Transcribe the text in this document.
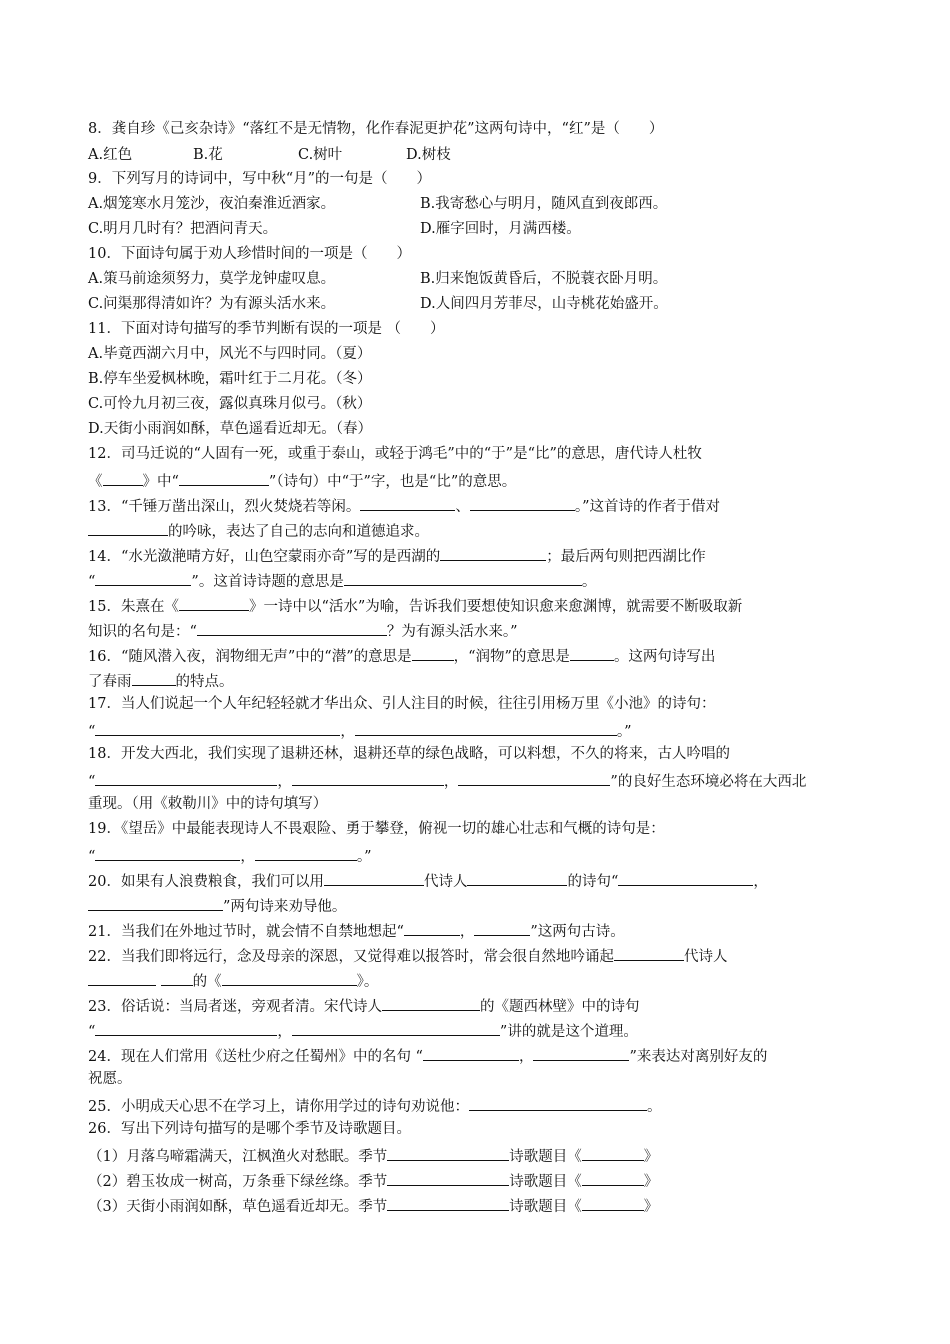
8．龚自珍《己亥杂诗》“落红不是无情物，化作春泥更护花”这两句诗中，“红”是（　　）
A.红色	B.花	C.树叶	D.树枝
9．下列写月的诗词中，写中秋“月”的一句是（　　）
A.烟笼寒水月笼沙，夜泊秦淮近酒家。	B.我寄愁心与明月，随风直到夜郎西。
C.明月几时有？把酒问青天。	D.雁字回时，月满西楼。
10．下面诗句属于劝人珍惜时间的一项是（　　）
A.策马前途须努力，莫学龙钟虚叹息。	B.归来饱饭黄昏后，不脱蓑衣卧月明。
C.问渠那得清如许？为有源头活水来。	D.人间四月芳菲尽，山寺桃花始盛开。
11．下面对诗句描写的季节判断有误的一项是 （　　）
A.毕竟西湖六月中，风光不与四时同。（夏）
B.停车坐爱枫林晚，霜叶红于二月花。（冬）
C.可怜九月初三夜，露似真珠月似弓。（秋）
D.天街小雨润如酥，草色遥看近却无。（春）
12．司马迁说的“人固有一死，或重于泰山，或轻于鸿毛”中的“于”是“比”的意思，唐代诗人杜牧
《	》中“	”（诗句）中“于”字，也是“比”的意思。
13．“千锤万凿出深山，烈火焚烧若等闲。	、	。”这首诗的作者于借对
的吟咏，表达了自己的志向和道德追求。
14．“水光潋滟晴方好，山色空蒙雨亦奇”写的是西湖的	；最后两句则把西湖比作
“	”。这首诗诗题的意思是	。
15．朱熹在《	》一诗中以“活水”为喻，告诉我们要想使知识愈来愈渊博，就需要不断吸取新
知识的名句是：“	？为有源头活水来。”
16．“随风潜入夜，润物细无声”中的“潜”的意思是	，“润物”的意思是	。这两句诗写出
了春雨	的特点。
17．当人们说起一个人年纪轻轻就才华出众、引人注目的时候，往往引用杨万里《小池》的诗句：
“	，	。”
18．开发大西北，我们实现了退耕还林，退耕还草的绿色战略，可以料想，不久的将来，古人吟唱的
“	，	，	”的良好生态环境必将在大西北
重现。（用《敕勒川》中的诗句填写）
19．《望岳》中最能表现诗人不畏艰险、勇于攀登，俯视一切的雄心壮志和气概的诗句是：
“	，	。”
20．如果有人浪费粮食，我们可以用	代诗人	的诗句“	，
”两句诗来劝导他。
21．当我们在外地过节时，就会情不自禁地想起“	，	”这两句古诗。
22．当我们即将远行，念及母亲的深恩，又觉得难以报答时，常会很自然地吟诵起	代诗人
的《	》。
23．俗话说：当局者迷，旁观者清。宋代诗人	的《题西林壁》中的诗句
“	，	”讲的就是这个道理。
24．现在人们常用《送杜少府之任蜀州》中的名句 “	，	”来表达对离别好友的
祝愿。
25．小明成天心思不在学习上，请你用学过的诗句劝说他：	。
26．写出下列诗句描写的是哪个季节及诗歌题目。
（1）月落乌啼霜满天，江枫渔火对愁眠。季节	诗歌题目《	》
（2）碧玉妆成一树高，万条垂下绿丝绦。季节	诗歌题目《	》
（3）天街小雨润如酥，草色遥看近却无。季节	诗歌题目《	》
